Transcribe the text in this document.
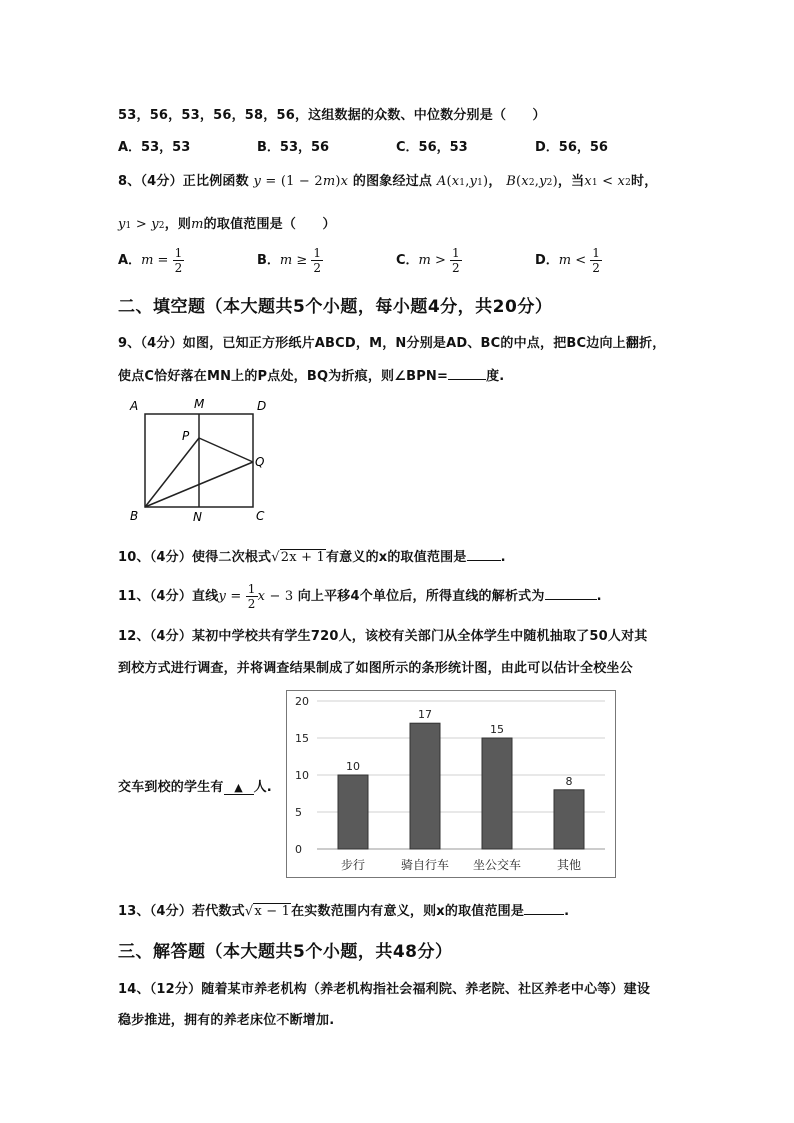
53，56，53，56，58，56，这组数据的众数、中位数分别是（　　）
A．53，53	B．53，56	C．56，53	D．56，56
8、（4分）正比例函数 y = (1 − 2m)x 的图象经过点 A(x1,y1)， B(x2,y2)，当x1 < x2时，
y1 > y2，则m的取值范围是（　　）
A．$m = \frac{1}{2}$	B．$m \ge \frac{1}{2}$	C．$m > \frac{1}{2}$	D．$m < \frac{1}{2}$
二、填空题（本大题共5个小题，每小题4分，共20分）
9、（4分）如图，已知正方形纸片ABCD，M，N分别是AD、BC的中点，把BC边向上翻折，
使点C恰好落在MN上的P点处，BQ为折痕，则∠BPN=	度.
A	M	D
P
Q
B	N	C
10、（4分）使得二次根式√2x + 1有意义的x的取值范围是	.
11、（4分）直线$y = \frac{1}{2}$ x − 3 向上平移4个单位后，所得直线的解析式为	.
12、（4分）某初中学校共有学生720人，该校有关部门从全体学生中随机抽取了50人对其
到校方式进行调查，并将调查结果制成了如图所示的条形统计图，由此可以估计全校坐公
交车到校的学生有 ▲ 人.
0
5
10
15
20
10
17
15
8
步行	骑自行车 坐公交车	其他
13、（4分）若代数式√x − 1在实数范围内有意义，则x的取值范围是	.
三、解答题（本大题共5个小题，共48分）
14、（12分）随着某市养老机构（养老机构指社会福利院、养老院、社区养老中心等）建设
稳步推进，拥有的养老床位不断增加.
